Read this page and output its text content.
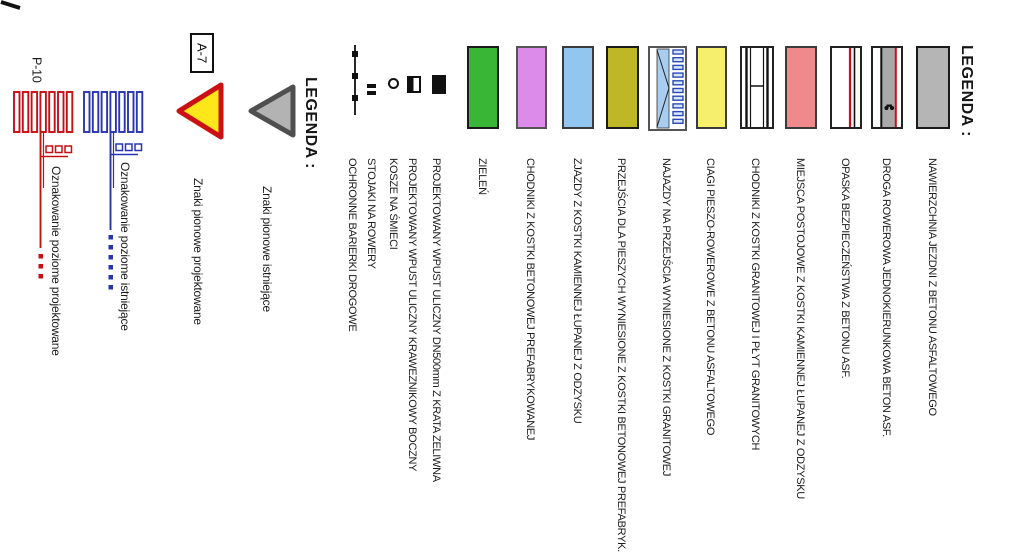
LEGENDA :
NAWIERZCHNIA JEZDNI Z BETONU ASFALTOWEGO
DROGA ROWEROWA JEDNOKIERUNKOWA BETON ASF.
OPASKA BEZPIECZEŃSTWA Z BETONU ASF.
MIEJSCA POSTOJOWE Z KOSTKI KAMIENNEJ ŁUPANEJ Z ODZYSKU
CHODNIKI Z KOSTKI GRANITOWEJ I PŁYT GRANITOWYCH
CIAGI PIESZO-ROWEROWE Z BETONU ASFALTOWEGO
NAJAZDY NA PRZEJŚCIA WYNIESIONE Z KOSTKI GRANITOWEJ
PRZEJŚCIA DLA PIESZYCH WYNIESIONE Z KOSTKI BETONOWEJ PREFABRYK.
ZJAZDY Z KOSTKI KAMIENNEJ ŁUPANEJ Z ODZYSKU
CHODNIKI Z KOSTKI BETONOWEJ PREFABRYKOWANEJ
ZIELEŃ
PROJEKTOWANY WPUST ULICZNY DN500mm Z KRATA ZELIWNA
PROJEKTOWANY WPUST ULICZNY KRAWEZNIKOWY BOCZNY
KOSZE NA ŚMIECI
STOJAKI NA ROWERY
OCHRONNE BARIERKI DROGOWE
LEGENDA :
Znaki pionowe istniejące
A-7
Znaki pionowe projektowane
Oznakowanie poziome istniejące
P-10
Oznakowanie poziome projektowane
